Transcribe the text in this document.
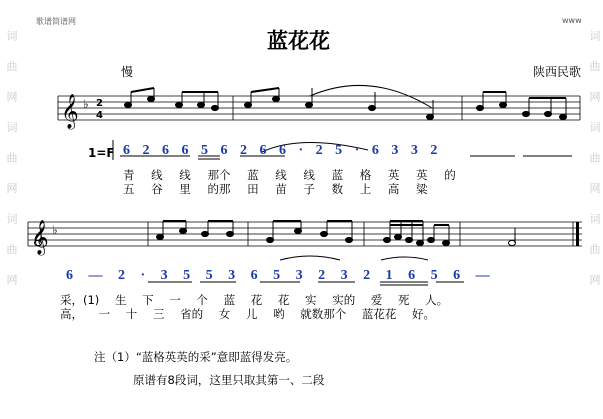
词 曲 网 词 曲 网 词 曲 网	词 曲 网 词 曲 网 词 曲 网
歌谱简谱网	www
蓝花花
慢	陕西民歌
𝄞
𝄞
♭
♭
2
4
1=F 6 2 6 6 5 6 2 6 6 · 2 5 · 6 3 3 2
青 线 线 那个 蓝 线 线 蓝 格 英 英 的
五 谷 里 的那 田 苗 子 数 上 高 粱
6 — 2 · 3 5 5 3 6 5 3 2 3 2 1 6 5 6 —
采，(1) 生 下 一 个 蓝 花 花 实 实的 爱 死 人。
高， 一 十 三 省的 女 儿 哟 就数那个 蓝花花 好。
注（1）“蓝格英英的采”意即蓝得发亮。
原谱有8段词，这里只取其第一、二段
